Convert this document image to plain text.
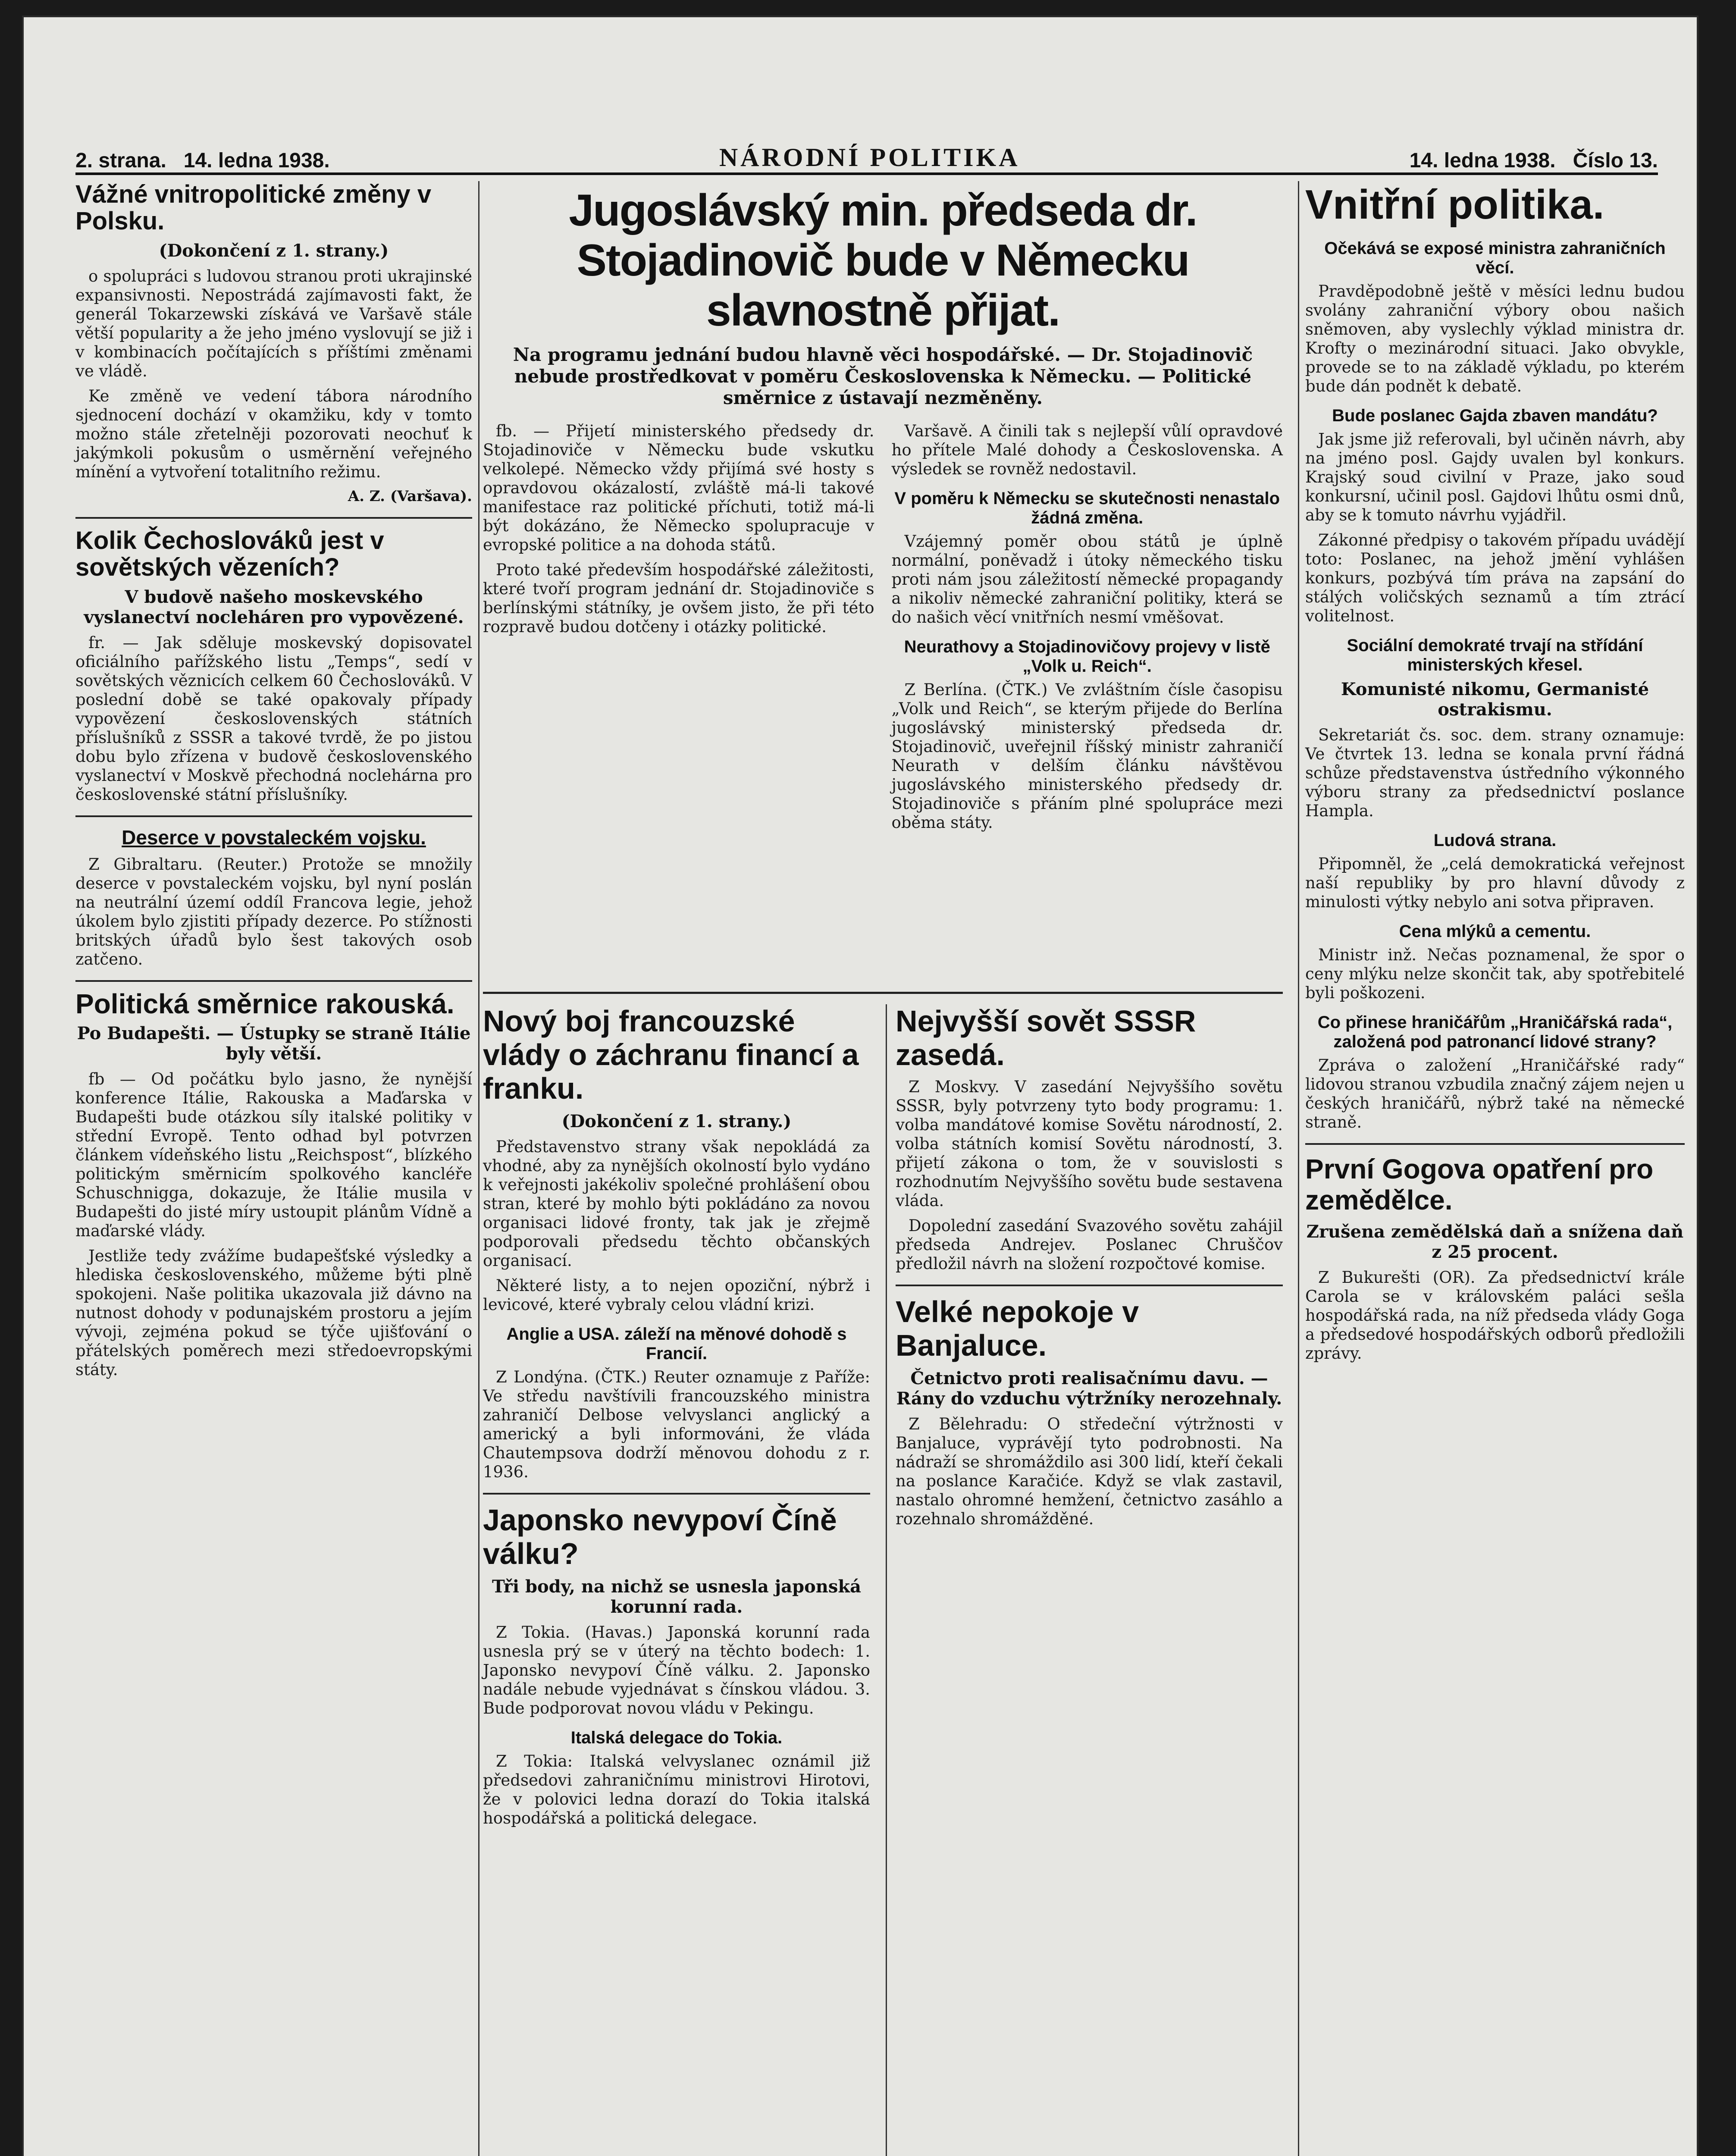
2. strana. 14. ledna 1938.	NÁRODNÍ POLITIKA	14. ledna 1938. Číslo 13.
Vážné vnitropolitické změny v Polsku.
(Dokončení z 1. strany.)

o spolupráci s ludovou stranou proti ukrajinské expansivnosti. Nepostrádá zajímavosti fakt, že generál Tokarzewski získává ve Varšavě stále větší popularity a že jeho jméno vyslovují se již i v kombinacích počítajících s příštími změnami ve vládě.

Ke změně ve vedení tábora národního sjednocení dochází v okamžiku, kdy v tomto možno stále zřetelněji pozorovati neochuť k jakýmkoli pokusům o usměrnění veřejného mínění a vytvoření totalitního režimu.

A. Z. (Varšava).
Kolik Čechoslováků jest v sovětských vězeních?
V budově našeho moskevského vyslanectví nocleháren pro vypovězené.

fr. — Jak sděluje moskevský dopisovatel oficiálního pařížského listu „Temps“, sedí v sovětských věznicích celkem 60 Čechoslováků. V poslední době se také opakovaly případy vypovězení československých státních příslušníků z SSSR a takové tvrdě, že po jistou dobu bylo zřízena v budově československého vyslanectví v Moskvě přechodná noclehárna pro československé státní příslušníky.

Deserce v povstaleckém vojsku.

Z Gibraltaru. (Reuter.) Protože se množily deserce v povstaleckém vojsku, byl nyní poslán na neutrální území oddíl Francova legie, jehož úkolem bylo zjistiti případy dezerce. Po stížnosti britských úřadů bylo šest takových osob zatčeno.

Politická směrnice rakouská.
Po Budapešti. — Ústupky se straně Itálie byly větší.

fb — Od počátku bylo jasno, že nynější konference Itálie, Rakouska a Maďarska v Budapešti bude otázkou síly italské politiky v střední Evropě. Tento odhad byl potvrzen článkem vídeňského listu „Reichspost“, blízkého politickým směrnicím spolkového kancléře Schuschnigga, dokazuje, že Itálie musila v Budapešti do jisté míry ustoupit plánům Vídně a maďarské vlády.

Jestliže tedy zvážíme budapešťské výsledky a hlediska československého, můžeme býti plně spokojeni. Naše politika ukazovala již dávno na nutnost dohody v podunajském prostoru a jejím vývoji, zejména pokud se týče ujišťování o přátelských poměrech mezi středoevropskými státy.

Jugoslávský min. předseda dr. Stojadinovič bude v Německu slavnostně přijat.
Na programu jednání budou hlavně věci hospodářské. — Dr. Stojadinovič nebude prostředkovat v poměru Československa k Německu. — Politické směrnice z ústavají nezměněny.

fb. — Přijetí ministerského předsedy dr. Stojadinoviče v Německu bude vskutku velkolepé. Německo vždy přijímá své hosty s opravdovou okázalostí, zvláště má-li takové manifestace raz politické příchuti, totiž má-li být dokázáno, že Německo spolupracuje v evropské politice a na dohoda států.

Proto také především hospodářské záležitosti, které tvoří program jednání dr. Stojadinoviče s berlínskými státníky, je ovšem jisto, že při této rozpravě budou dotčeny i otázky politické.

Varšavě. A činili tak s nejlepší vůlí opravdové ho přítele Malé dohody a Československa. A výsledek se rovněž nedostavil.

V poměru k Německu se skutečnosti nenastalo žádná změna.

Vzájemný poměr obou států je úplně normální, poněvadž i útoky německého tisku proti nám jsou záležitostí německé propagandy a nikoliv německé zahraniční politiky, která se do našich věcí vnitřních nesmí vměšovat.

Neurathovy a Stojadinovičovy projevy v listě „Volk u. Reich“.

Z Berlína. (ČTK.) Ve zvláštním čísle časopisu „Volk und Reich“, se kterým přijede do Berlína jugoslávský ministerský předseda dr. Stojadinovič, uveřejnil říšský ministr zahraničí Neurath v delším článku návštěvou jugoslávského ministerského předsedy dr. Stojadinoviče s přáním plné spolupráce mezi oběma státy.

Nový boj francouzské vlády o záchranu financí a franku.
(Dokončení z 1. strany.)

Představenstvo strany však nepokládá za vhodné, aby za nynějších okolností bylo vydáno k veřejnosti jakékoliv společné prohlášení obou stran, které by mohlo býti pokládáno za novou organisaci lidové fronty, tak jak je zřejmě podporovali předsedu těchto občanských organisací.

Některé listy, a to nejen opoziční, nýbrž i levicové, které vybraly celou vládní krizi.

Anglie a USA. záleží na měnové dohodě s Francií.

Z Londýna. (ČTK.) Reuter oznamuje z Paříže: Ve středu navštívili francouzského ministra zahraničí Delbose velvyslanci anglický a americký a byli informováni, že vláda Chautempsova dodrží měnovou dohodu z r. 1936.

Japonsko nevypoví Číně válku?
Tři body, na nichž se usnesla japonská korunní rada.

Z Tokia. (Havas.) Japonská korunní rada usnesla prý se v úterý na těchto bodech: 1. Japonsko nevypoví Číně válku. 2. Japonsko nadále nebude vyjednávat s čínskou vládou. 3. Bude podporovat novou vládu v Pekingu.

Italská delegace do Tokia.

Z Tokia: Italská velvyslanec oznámil již předsedovi zahraničnímu ministrovi Hirotovi, že v polovici ledna dorazí do Tokia italská hospodářská a politická delegace.

Nejvyšší sovět SSSR zasedá.

Z Moskvy. V zasedání Nejvyššího sovětu SSSR, byly potvrzeny tyto body programu: 1. volba mandátové komise Sovětu národností, 2. volba státních komisí Sovětu národností, 3. přijetí zákona o tom, že v souvislosti s rozhodnutím Nejvyššího sovětu bude sestavena vláda.

Dopolední zasedání Svazového sovětu zahájil předseda Andrejev. Poslanec Chruščov předložil návrh na složení rozpočtové komise.

Velké nepokoje v Banjaluce.
Četnictvo proti realisačnímu davu. — Rány do vzduchu výtržníky nerozehnaly.

Z Bělehradu: O středeční výtržnosti v Banjaluce, vyprávějí tyto podrobnosti. Na nádraží se shromáždilo asi 300 lidí, kteří čekali na poslance Karačiće. Když se vlak zastavil, nastalo ohromné hemžení, četnictvo zasáhlo a rozehnalo shromážděné.

Vnitřní politika.
Očekává se exposé ministra zahraničních věcí.

Pravděpodobně ještě v měsíci lednu budou svolány zahraniční výbory obou našich sněmoven, aby vyslechly výklad ministra dr. Krofty o mezinárodní situaci. Jako obvykle, provede se to na základě výkladu, po kterém bude dán podnět k debatě.

Bude poslanec Gajda zbaven mandátu?

Jak jsme již referovali, byl učiněn návrh, aby na jméno posl. Gajdy uvalen byl konkurs. Krajský soud civilní v Praze, jako soud konkursní, učinil posl. Gajdovi lhůtu osmi dnů, aby se k tomuto návrhu vyjádřil.

Zákonné předpisy o takovém případu uvádějí toto: Poslanec, na jehož jmění vyhlášen konkurs, pozbývá tím práva na zapsání do stálých voličských seznamů a tím ztrácí volitelnost.

Sociální demokraté trvají na střídání ministerských křesel.
Komunisté nikomu, Germanisté ostrakismu.

Sekretariát čs. soc. dem. strany oznamuje: Ve čtvrtek 13. ledna se konala první řádná schůze představenstva ústředního výkonného výboru strany za předsednictví poslance Hampla.

Ludová strana.

Připomněl, že „celá demokratická veřejnost naší republiky by pro hlavní důvody z minulosti výtky nebylo ani sotva připraven.

Cena mlýků a cementu.

Ministr inž. Nečas poznamenal, že spor o ceny mlýku nelze skončit tak, aby spotřebitelé byli poškozeni.

Co přinese hraničářům „Hraničářská rada“, založená pod patronancí lidové strany?

Zpráva o založení „Hraničářské rady“ lidovou stranou vzbudila značný zájem nejen u českých hraničářů, nýbrž také na německé straně.

První Gogova opatření pro zemědělce.
Zrušena zemědělská daň a snížena daň z 25 procent.

Z Bukurešti (OR). Za předsednictví krále Carola se v královském paláci sešla hospodářská rada, na níž předseda vlády Goga a předsedové hospodářských odborů předložili zprávy.
